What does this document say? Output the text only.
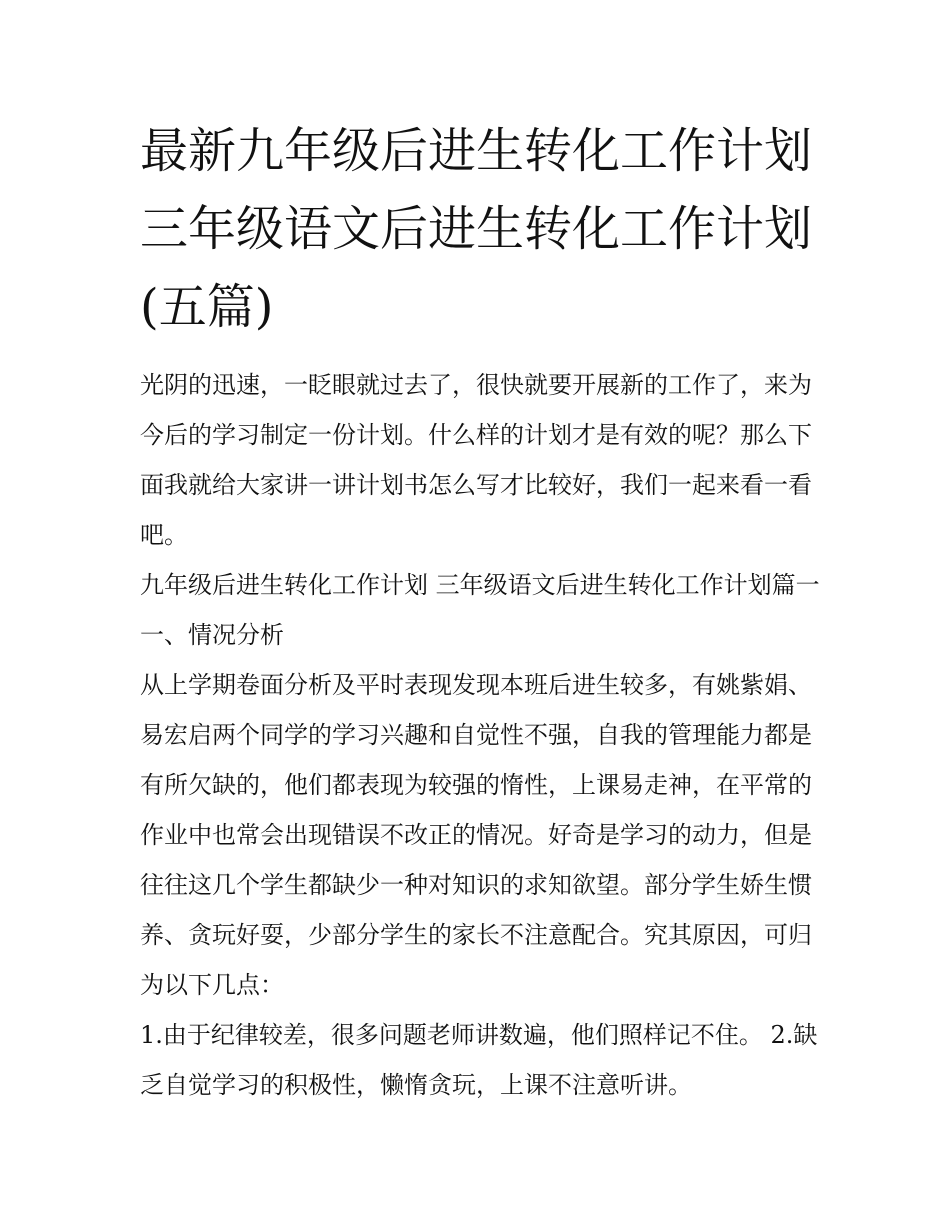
最新九年级后进生转化工作计划 三年级语文后进生转化工作计划(五篇)

光阴的迅速，一眨眼就过去了，很快就要开展新的工作了，来为今后的学习制定一份计划。什么样的计划才是有效的呢？那么下面我就给大家讲一讲计划书怎么写才比较好，我们一起来看一看吧。

九年级后进生转化工作计划 三年级语文后进生转化工作计划篇一一、情况分析

从上学期卷面分析及平时表现发现本班后进生较多，有姚紫娟、易宏启两个同学的学习兴趣和自觉性不强，自我的管理能力都是有所欠缺的，他们都表现为较强的惰性，上课易走神，在平常的作业中也常会出现错误不改正的情况。好奇是学习的动力，但是往往这几个学生都缺少一种对知识的求知欲望。部分学生娇生惯养、贪玩好耍，少部分学生的家长不注意配合。究其原因，可归为以下几点：

1.由于纪律较差，很多问题老师讲数遍，他们照样记不住。 2.缺乏自觉学习的积极性，懒惰贪玩，上课不注意听讲。
